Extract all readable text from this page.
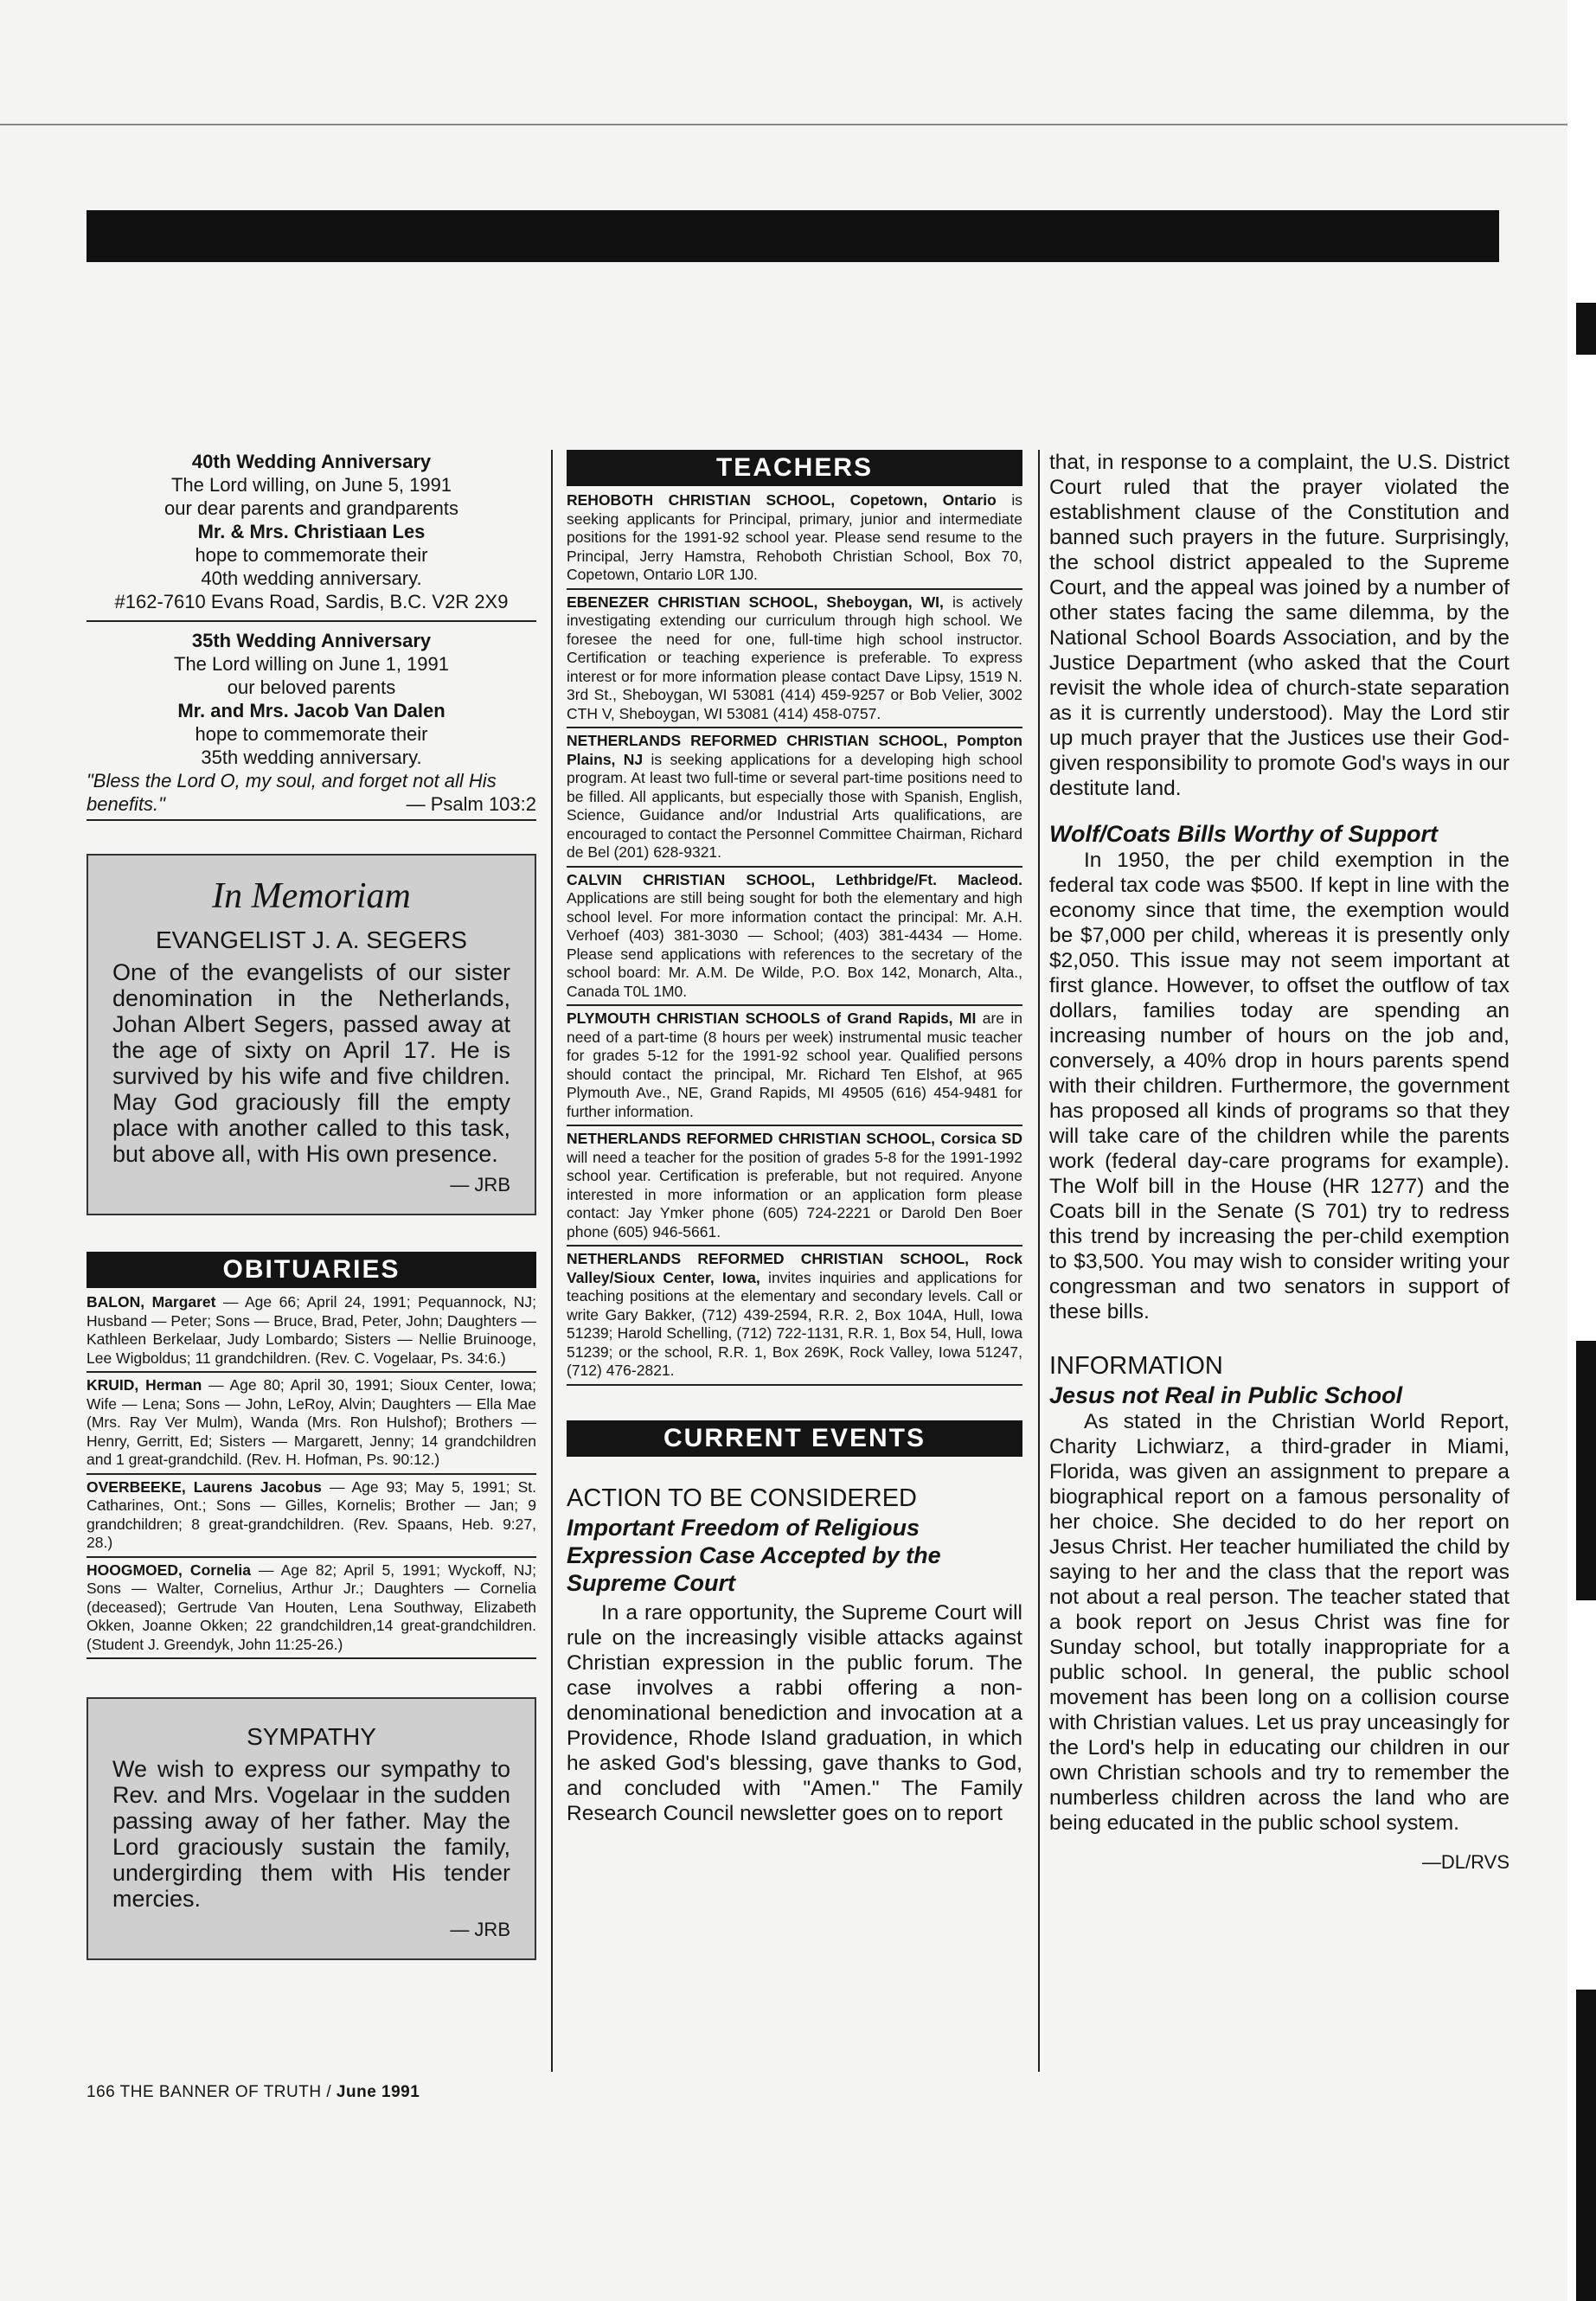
40th Wedding Anniversary
The Lord willing, on June 5, 1991
our dear parents and grandparents
Mr. & Mrs. Christiaan Les
hope to commemorate their
40th wedding anniversary.
#162-7610 Evans Road, Sardis, B.C. V2R 2X9
35th Wedding Anniversary
The Lord willing on June 1, 1991
our beloved parents
Mr. and Mrs. Jacob Van Dalen
hope to commemorate their
35th wedding anniversary.
"Bless the Lord O, my soul, and forget not all His benefits."	— Psalm 103:2
In Memoriam
EVANGELIST J. A. SEGERS
One of the evangelists of our sister denomination in the Netherlands, Johan Albert Segers, passed away at the age of sixty on April 17. He is survived by his wife and five children. May God graciously fill the empty place with another called to this task, but above all, with His own presence.
— JRB
OBITUARIES
BALON, Margaret — Age 66; April 24, 1991; Pequannock, NJ; Husband — Peter; Sons — Bruce, Brad, Peter, John; Daughters — Kathleen Berkelaar, Judy Lombardo; Sisters — Nellie Bruinooge, Lee Wigboldus; 11 grandchildren. (Rev. C. Vogelaar, Ps. 34:6.)
KRUID, Herman — Age 80; April 30, 1991; Sioux Center, Iowa; Wife — Lena; Sons — John, LeRoy, Alvin; Daughters — Ella Mae (Mrs. Ray Ver Mulm), Wanda (Mrs. Ron Hulshof); Brothers — Henry, Gerritt, Ed; Sisters — Margarett, Jenny; 14 grandchildren and 1 great-grandchild. (Rev. H. Hofman, Ps. 90:12.)
OVERBEEKE, Laurens Jacobus — Age 93; May 5, 1991; St. Catharines, Ont.; Sons — Gilles, Kornelis; Brother — Jan; 9 grandchildren; 8 great-grandchildren. (Rev. Spaans, Heb. 9:27, 28.)
HOOGMOED, Cornelia — Age 82; April 5, 1991; Wyckoff, NJ; Sons — Walter, Cornelius, Arthur Jr.; Daughters — Cornelia (deceased); Gertrude Van Houten, Lena Southway, Elizabeth Okken, Joanne Okken; 22 grandchildren,14 great-grandchildren. (Student J. Greendyk, John 11:25-26.)
SYMPATHY
We wish to express our sympathy to Rev. and Mrs. Vogelaar in the sudden passing away of her father. May the Lord graciously sustain the family, undergirding them with His tender mercies.
— JRB
TEACHERS
REHOBOTH CHRISTIAN SCHOOL, Copetown, Ontario is seeking applicants for Principal, primary, junior and intermediate positions for the 1991-92 school year. Please send resume to the Principal, Jerry Hamstra, Rehoboth Christian School, Box 70, Copetown, Ontario L0R 1J0.
EBENEZER CHRISTIAN SCHOOL, Sheboygan, WI, is actively investigating extending our curriculum through high school. We foresee the need for one, full-time high school instructor. Certification or teaching experience is preferable. To express interest or for more information please contact Dave Lipsy, 1519 N. 3rd St., Sheboygan, WI 53081 (414) 459-9257 or Bob Velier, 3002 CTH V, Sheboygan, WI 53081 (414) 458-0757.
NETHERLANDS REFORMED CHRISTIAN SCHOOL, Pompton Plains, NJ is seeking applications for a developing high school program. At least two full-time or several part-time positions need to be filled. All applicants, but especially those with Spanish, English, Science, Guidance and/or Industrial Arts qualifications, are encouraged to contact the Personnel Committee Chairman, Richard de Bel (201) 628-9321.
CALVIN CHRISTIAN SCHOOL, Lethbridge/Ft. Macleod. Applications are still being sought for both the elementary and high school level. For more information contact the principal: Mr. A.H. Verhoef (403) 381-3030 — School; (403) 381-4434 — Home. Please send applications with references to the secretary of the school board: Mr. A.M. De Wilde, P.O. Box 142, Monarch, Alta., Canada T0L 1M0.
PLYMOUTH CHRISTIAN SCHOOLS of Grand Rapids, MI are in need of a part-time (8 hours per week) instrumental music teacher for grades 5-12 for the 1991-92 school year. Qualified persons should contact the principal, Mr. Richard Ten Elshof, at 965 Plymouth Ave., NE, Grand Rapids, MI 49505 (616) 454-9481 for further information.
NETHERLANDS REFORMED CHRISTIAN SCHOOL, Corsica SD will need a teacher for the position of grades 5-8 for the 1991-1992 school year. Certification is preferable, but not required. Anyone interested in more information or an application form please contact: Jay Ymker phone (605) 724-2221 or Darold Den Boer phone (605) 946-5661.
NETHERLANDS REFORMED CHRISTIAN SCHOOL, Rock Valley/Sioux Center, Iowa, invites inquiries and applications for teaching positions at the elementary and secondary levels. Call or write Gary Bakker, (712) 439-2594, R.R. 2, Box 104A, Hull, Iowa 51239; Harold Schelling, (712) 722-1131, R.R. 1, Box 54, Hull, Iowa 51239; or the school, R.R. 1, Box 269K, Rock Valley, Iowa 51247, (712) 476-2821.
CURRENT EVENTS
ACTION TO BE CONSIDERED
Important Freedom of Religious Expression Case Accepted by the Supreme Court
In a rare opportunity, the Supreme Court will rule on the increasingly visible attacks against Christian expression in the public forum. The case involves a rabbi offering a non-denominational benediction and invocation at a Providence, Rhode Island graduation, in which he asked God's blessing, gave thanks to God, and concluded with "Amen." The Family Research Council newsletter goes on to report
that, in response to a complaint, the U.S. District Court ruled that the prayer violated the establishment clause of the Constitution and banned such prayers in the future. Surprisingly, the school district appealed to the Supreme Court, and the appeal was joined by a number of other states facing the same dilemma, by the National School Boards Association, and by the Justice Department (who asked that the Court revisit the whole idea of church-state separation as it is currently understood). May the Lord stir up much prayer that the Justices use their God-given responsibility to promote God's ways in our destitute land.
Wolf/Coats Bills Worthy of Support
In 1950, the per child exemption in the federal tax code was $500. If kept in line with the economy since that time, the exemption would be $7,000 per child, whereas it is presently only $2,050. This issue may not seem important at first glance. However, to offset the outflow of tax dollars, families today are spending an increasing number of hours on the job and, conversely, a 40% drop in hours parents spend with their children. Furthermore, the government has proposed all kinds of programs so that they will take care of the children while the parents work (federal day-care programs for example). The Wolf bill in the House (HR 1277) and the Coats bill in the Senate (S 701) try to redress this trend by increasing the per-child exemption to $3,500. You may wish to consider writing your congressman and two senators in support of these bills.
INFORMATION
Jesus not Real in Public School
As stated in the Christian World Report, Charity Lichwiarz, a third-grader in Miami, Florida, was given an assignment to prepare a biographical report on a famous personality of her choice. She decided to do her report on Jesus Christ. Her teacher humiliated the child by saying to her and the class that the report was not about a real person. The teacher stated that a book report on Jesus Christ was fine for Sunday school, but totally inappropriate for a public school. In general, the public school movement has been long on a collision course with Christian values. Let us pray unceasingly for the Lord's help in educating our children in our own Christian schools and try to remember the numberless children across the land who are being educated in the public school system.
—DL/RVS
166 THE BANNER OF TRUTH / June 1991
